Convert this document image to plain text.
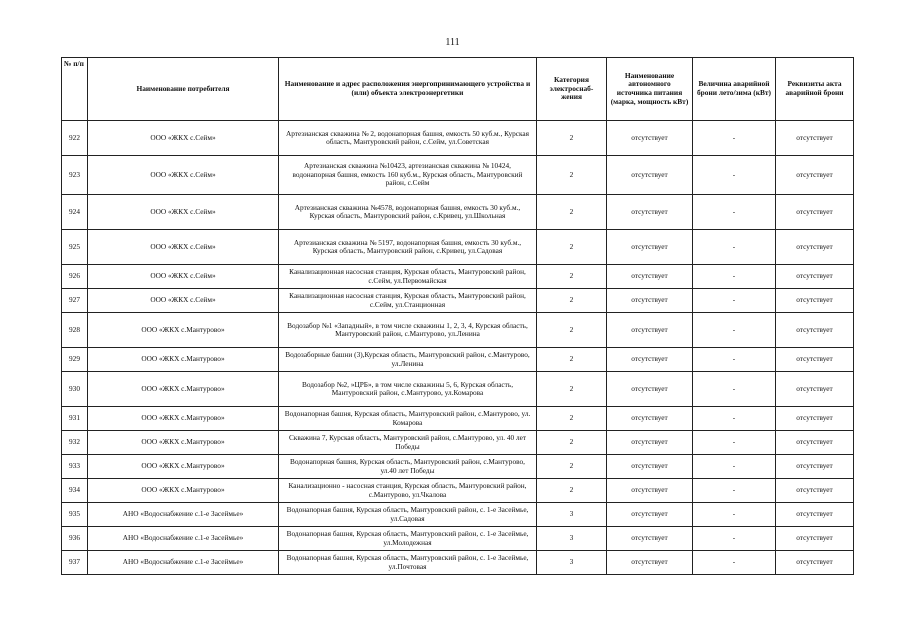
111
№ п/п	Наименование потребителя	Наименование и адрес расположения энергопринимающего устройства и (или) объекта электроэнергетики	Категория электроснаб-жения	Наименование автономного источника питания (марка, мощность кВт)	Величина аварийной брони лето/зима (кВт)	Реквизиты акта аварийной брони
922	ООО «ЖКХ с.Сейм»	Артезианская скважина № 2, водонапорная башня, емкость 50 куб.м., Курская область, Мантуровский район, с.Сейм, ул.Советская	2	отсутствует	-	отсутствует
923	ООО «ЖКХ с.Сейм»	Артезианская скважина №10423, артезианская скважина № 10424, водонапорная башня, емкость 160 куб.м., Курская область, Мантуровский район, с.Сейм	2	отсутствует	-	отсутствует
924	ООО «ЖКХ с.Сейм»	Артезианская скважина №4578, водонапорная башня, емкость 30 куб.м., Курская область, Мантуровский район, с.Кривец, ул.Школьная	2	отсутствует	-	отсутствует
925	ООО «ЖКХ с.Сейм»	Артезианская скважина № 5197, водонапорная башня, емкость 30 куб.м., Курская область, Мантуровский район, с.Кривец, ул.Садовая	2	отсутствует	-	отсутствует
926	ООО «ЖКХ с.Сейм»	Канализационная насосная станция, Курская область, Мантуровский район, с.Сейм, ул.Первомайская	2	отсутствует	-	отсутствует
927	ООО «ЖКХ с.Сейм»	Канализационная насосная станция, Курская область, Мантуровский район, с.Сейм, ул.Станционная	2	отсутствует	-	отсутствует
928	ООО «ЖКХ с.Мантурово»	Водозабор №1 «Западный», в том числе скважины 1, 2, 3, 4, Курская область, Мантуровский район, с.Мантурово, ул.Ленина	2	отсутствует	-	отсутствует
929	ООО «ЖКХ с.Мантурово»	Водозаборные башни (3),Курская область, Мантуровский район, с.Мантурово, ул.Ленина	2	отсутствует	-	отсутствует
930	ООО «ЖКХ с.Мантурово»	Водозабор №2, »ЦРБ», в том числе скважины 5, 6, Курская область, Мантуровский район, с.Мантурово, ул.Комарова	2	отсутствует	-	отсутствует
931	ООО «ЖКХ с.Мантурово»	Водонапорная башня, Курская область, Мантуровский район, с.Мантурово, ул. Комарова	2	отсутствует	-	отсутствует
932	ООО «ЖКХ с.Мантурово»	Скважина 7, Курская область, Мантуровский район, с.Мантурово, ул. 40 лет Победы	2	отсутствует	-	отсутствует
933	ООО «ЖКХ с.Мантурово»	Водонапорная башня, Курская область, Мантуровский район, с.Мантурово, ул.40 лет Победы	2	отсутствует	-	отсутствует
934	ООО «ЖКХ с.Мантурово»	Канализационно - насосная станция, Курская область, Мантуровский район, с.Мантурово, ул.Чкалова	2	отсутствует	-	отсутствует
935	АНО «Водоснабжение с.1-е Засеймье»	Водонапорная башня, Курская область, Мантуровский район, с. 1-е Засеймье, ул.Садовая	3	отсутствует	-	отсутствует
936	АНО «Водоснабжение с.1-е Засеймье»	Водонапорная башня, Курская область, Мантуровский район, с. 1-е Засеймье, ул.Молодежная	3	отсутствует	-	отсутствует
937	АНО «Водоснабжение с.1-е Засеймье»	Водонапорная башня, Курская область, Мантуровский район, с. 1-е Засеймье, ул.Почтовая	3	отсутствует	-	отсутствует
